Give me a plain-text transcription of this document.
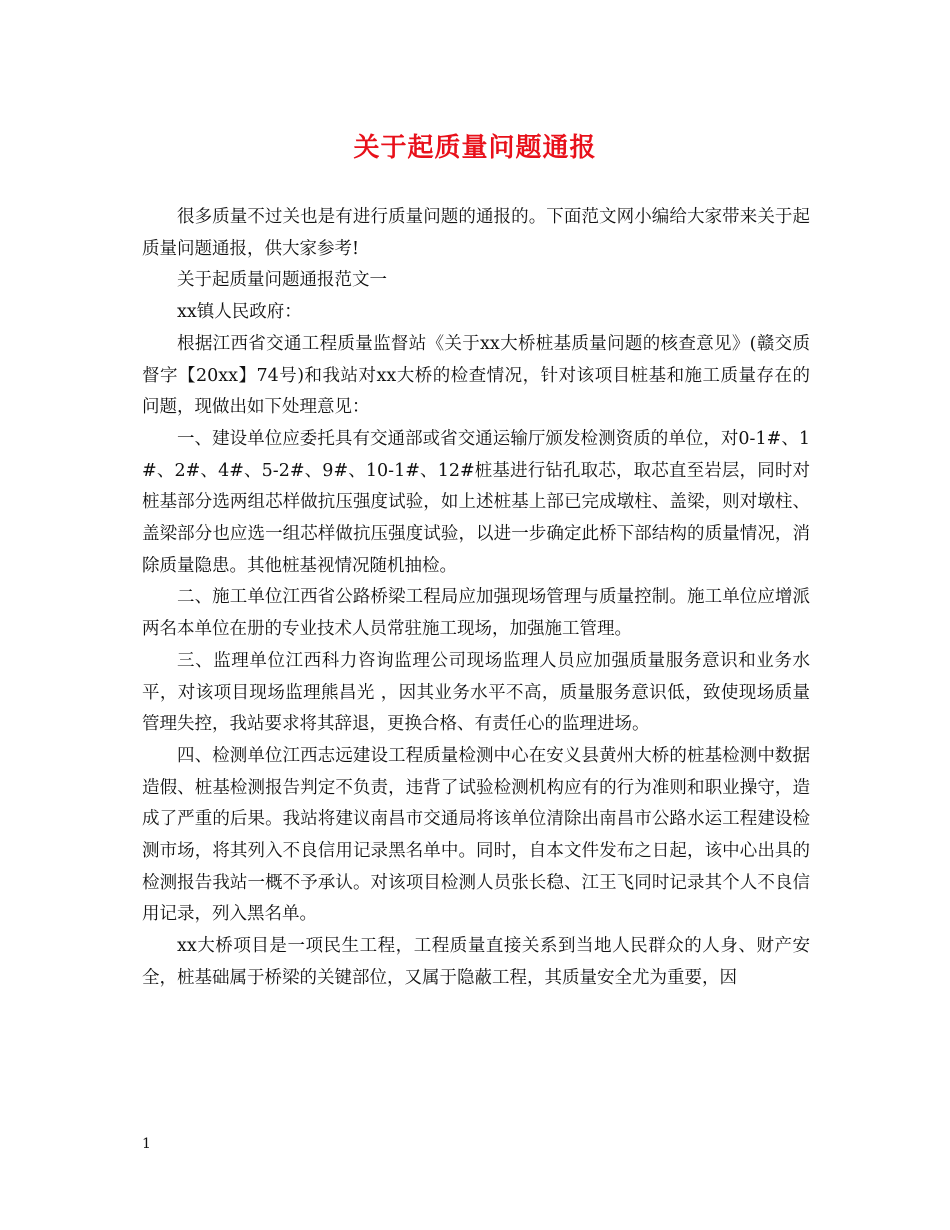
关于起质量问题通报

很多质量不过关也是有进行质量问题的通报的。下面范文网小编给大家带来关于起质量问题通报，供大家参考!

关于起质量问题通报范文一

xx镇人民政府：

根据江西省交通工程质量监督站《关于xx大桥桩基质量问题的核查意见》(赣交质督字【20xx】74号)和我站对xx大桥的检查情况，针对该项目桩基和施工质量存在的问题，现做出如下处理意见：

一、建设单位应委托具有交通部或省交通运输厅颁发检测资质的单位，对0-1#、1#、2#、4#、5-2#、9#、10-1#、12#桩基进行钻孔取芯，取芯直至岩层，同时对桩基部分选两组芯样做抗压强度试验，如上述桩基上部已完成墩柱、盖梁，则对墩柱、盖梁部分也应选一组芯样做抗压强度试验，以进一步确定此桥下部结构的质量情况，消除质量隐患。其他桩基视情况随机抽检。

二、施工单位江西省公路桥梁工程局应加强现场管理与质量控制。施工单位应增派两名本单位在册的专业技术人员常驻施工现场，加强施工管理。

三、监理单位江西科力咨询监理公司现场监理人员应加强质量服务意识和业务水平，对该项目现场监理熊昌光 ，因其业务水平不高，质量服务意识低，致使现场质量管理失控，我站要求将其辞退，更换合格、有责任心的监理进场。

四、检测单位江西志远建设工程质量检测中心在安义县黄州大桥的桩基检测中数据造假、桩基检测报告判定不负责，违背了试验检测机构应有的行为准则和职业操守，造成了严重的后果。我站将建议南昌市交通局将该单位清除出南昌市公路水运工程建设检测市场，将其列入不良信用记录黑名单中。同时，自本文件发布之日起，该中心出具的检测报告我站一概不予承认。对该项目检测人员张长稳、江王飞同时记录其个人不良信用记录，列入黑名单。

xx大桥项目是一项民生工程，工程质量直接关系到当地人民群众的人身、财产安全，桩基础属于桥梁的关键部位，又属于隐蔽工程，其质量安全尤为重要，因

1
